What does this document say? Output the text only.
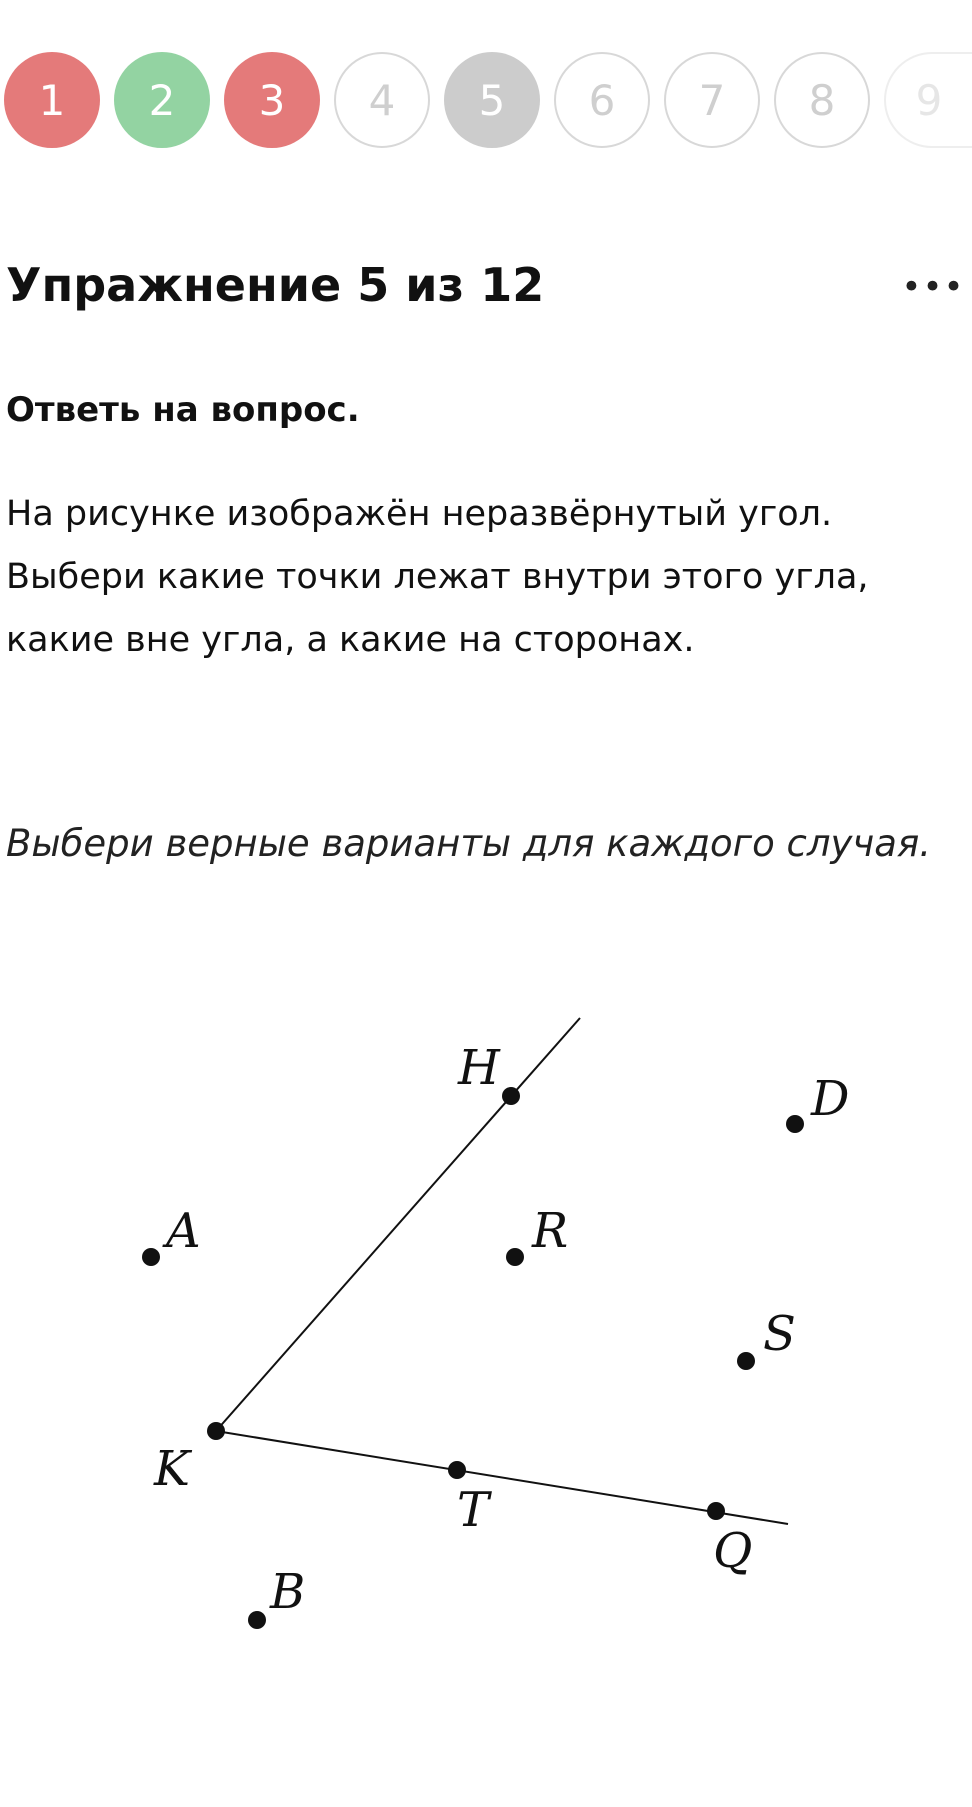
1	2	3	4	5	6	7	8	9
Упражнение 5 из 12	•••

Ответь на вопрос.

На рисунке изображён неразвёрнутый угол.
Выбери какие точки лежат внутри этого угла,
какие вне угла, а какие на сторонах.

Выбери верные варианты для каждого случая.

H
D
A	R
S
K
T
Q
B
